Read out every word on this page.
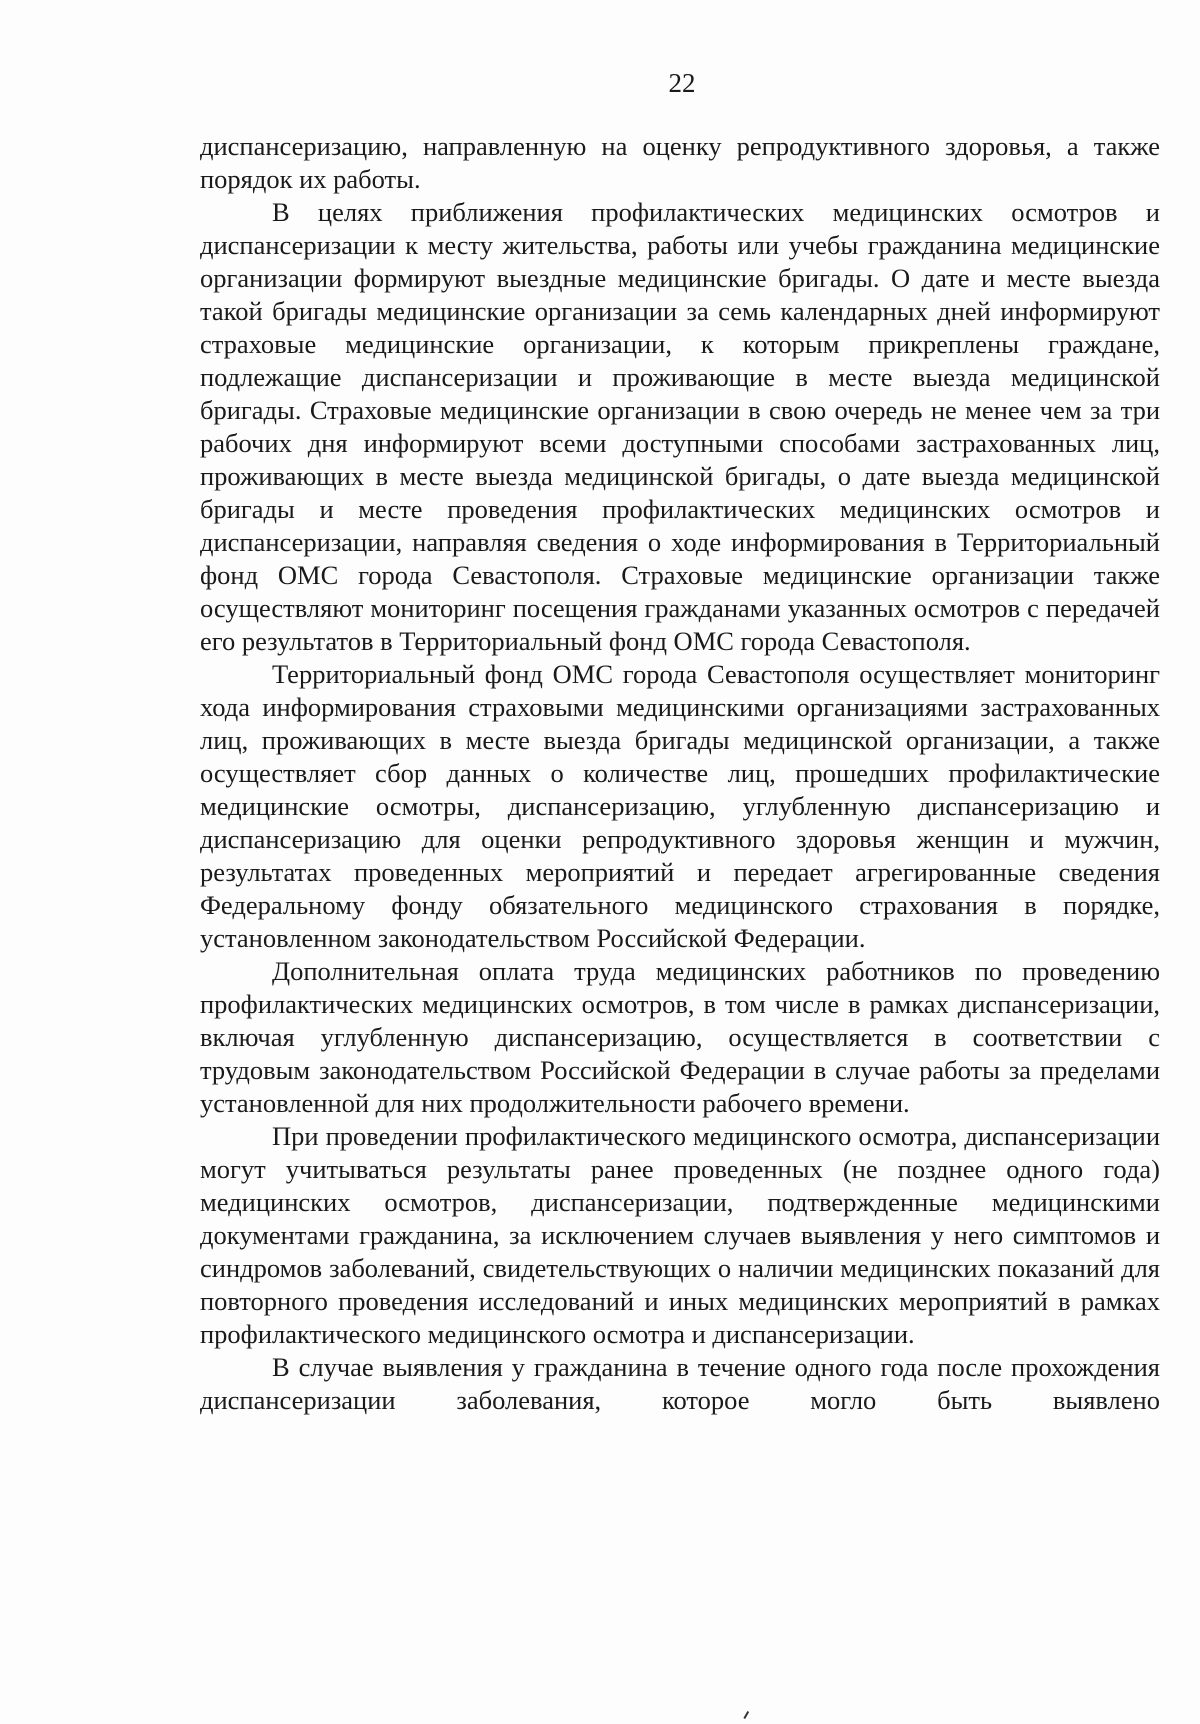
22

диспансеризацию, направленную на оценку репродуктивного здоровья, а также порядок их работы.

В целях приближения профилактических медицинских осмотров и диспансеризации к месту жительства, работы или учебы гражданина медицинские организации формируют выездные медицинские бригады. О дате и месте выезда такой бригады медицинские организации за семь календарных дней информируют страховые медицинские организации, к которым прикреплены граждане, подлежащие диспансеризации и проживающие в месте выезда медицинской бригады. Страховые медицинские организации в свою очередь не менее чем за три рабочих дня информируют всеми доступными способами застрахованных лиц, проживающих в месте выезда медицинской бригады, о дате выезда медицинской бригады и месте проведения профилактических медицинских осмотров и диспансеризации, направляя сведения о ходе информирования в Территориальный фонд ОМС города Севастополя. Страховые медицинские организации также осуществляют мониторинг посещения гражданами указанных осмотров с передачей его результатов в Территориальный фонд ОМС города Севастополя.

Территориальный фонд ОМС города Севастополя осуществляет мониторинг хода информирования страховыми медицинскими организациями застрахованных лиц, проживающих в месте выезда бригады медицинской организации, а также осуществляет сбор данных о количестве лиц, прошедших профилактические медицинские осмотры, диспансеризацию, углубленную диспансеризацию и диспансеризацию для оценки репродуктивного здоровья женщин и мужчин, результатах проведенных мероприятий и передает агрегированные сведения Федеральному фонду обязательного медицинского страхования в порядке, установленном законодательством Российской Федерации.

Дополнительная оплата труда медицинских работников по проведению профилактических медицинских осмотров, в том числе в рамках диспансеризации, включая углубленную диспансеризацию, осуществляется в соответствии с трудовым законодательством Российской Федерации в случае работы за пределами установленной для них продолжительности рабочего времени.

При проведении профилактического медицинского осмотра, диспансеризации могут учитываться результаты ранее проведенных (не позднее одного года) медицинских осмотров, диспансеризации, подтвержденные медицинскими документами гражданина, за исключением случаев выявления у него симптомов и синдромов заболеваний, свидетельствующих о наличии медицинских показаний для повторного проведения исследований и иных медицинских мероприятий в рамках профилактического медицинского осмотра и диспансеризации.

В случае выявления у гражданина в течение одного года после прохождения диспансеризации заболевания, которое могло быть выявлено
